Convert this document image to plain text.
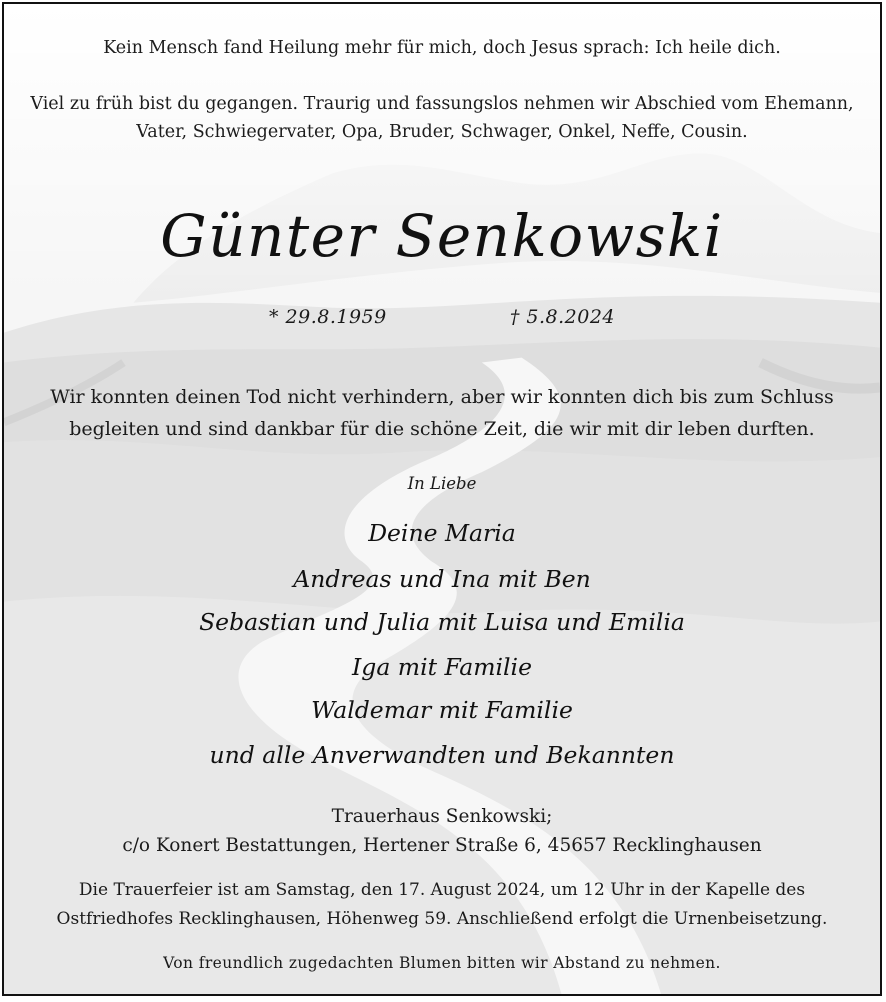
Kein Mensch fand Heilung mehr für mich, doch Jesus sprach: Ich heile dich.
Viel zu früh bist du gegangen. Traurig und fassungslos nehmen wir Abschied vom Ehemann,
Vater, Schwiegervater, Opa, Bruder, Schwager, Onkel, Neffe, Cousin.
Günter Senkowski
* 29.8.1959	† 5.8.2024
Wir konnten deinen Tod nicht verhindern, aber wir konnten dich bis zum Schluss
begleiten und sind dankbar für die schöne Zeit, die wir mit dir leben durften.
In Liebe
Deine Maria
Andreas und Ina mit Ben
Sebastian und Julia mit Luisa und Emilia
Iga mit Familie
Waldemar mit Familie
und alle Anverwandten und Bekannten
Trauerhaus Senkowski;
c/o Konert Bestattungen, Hertener Straße 6, 45657 Recklinghausen
Die Trauerfeier ist am Samstag, den 17. August 2024, um 12 Uhr in der Kapelle des
Ostfriedhofes Recklinghausen, Höhenweg 59. Anschließend erfolgt die Urnenbeisetzung.
Von freundlich zugedachten Blumen bitten wir Abstand zu nehmen.
